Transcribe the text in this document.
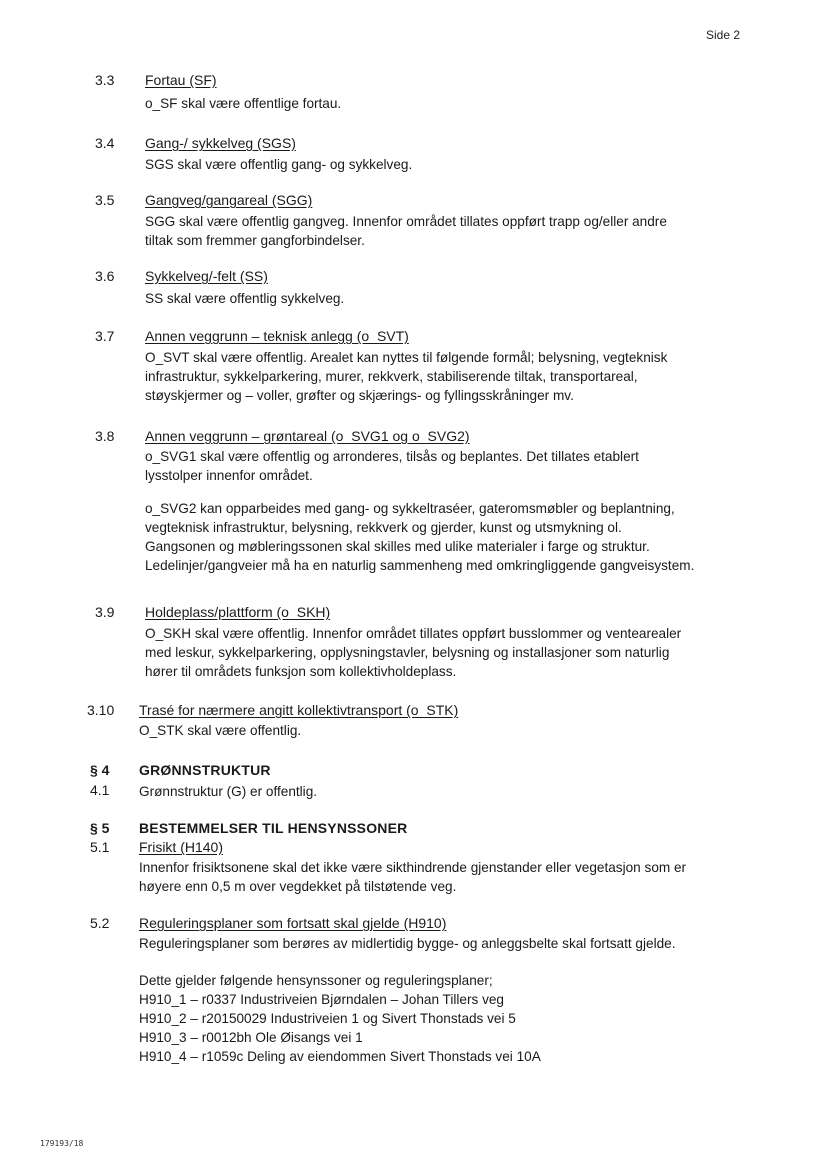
Side 2
3.3 Fortau (SF)

o_SF skal være offentlige fortau.

3.4 Gang-/ sykkelveg (SGS)

SGS skal være offentlig gang- og sykkelveg.

3.5 Gangveg/gangareal (SGG)

SGG skal være offentlig gangveg. Innenfor området tillates oppført trapp og/eller andre

tiltak som fremmer gangforbindelser.

3.6 Sykkelveg/-felt (SS)

SS skal være offentlig sykkelveg.

3.7 Annen veggrunn – teknisk anlegg (o_SVT)

O_SVT skal være offentlig. Arealet kan nyttes til følgende formål; belysning, vegteknisk

infrastruktur, sykkelparkering, murer, rekkverk, stabiliserende tiltak, transportareal,

støyskjermer og – voller, grøfter og skjærings- og fyllingsskråninger mv.

3.8 Annen veggrunn – grøntareal (o_SVG1 og o_SVG2)

o_SVG1 skal være offentlig og arronderes, tilsås og beplantes. Det tillates etablert

lysstolper innenfor området.

o_SVG2 kan opparbeides med gang- og sykkeltraséer, gateromsmøbler og beplantning,

vegteknisk infrastruktur, belysning, rekkverk og gjerder, kunst og utsmykning ol.

Gangsonen og møbleringssonen skal skilles med ulike materialer i farge og struktur.

Ledelinjer/gangveier må ha en naturlig sammenheng med omkringliggende gangveisystem.

3.9 Holdeplass/plattform (o_SKH)

O_SKH skal være offentlig. Innenfor området tillates oppført busslommer og ventearealer

med leskur, sykkelparkering, opplysningstavler, belysning og installasjoner som naturlig

hører til områdets funksjon som kollektivholdeplass.

3.10 Trasé for nærmere angitt kollektivtransport (o_STK)

O_STK skal være offentlig.

§ 4 GRØNNSTRUKTUR
4.1 Grønnstruktur (G) er offentlig.

§ 5 BESTEMMELSER TIL HENSYNSSONER
5.1 Frisikt (H140)

Innenfor frisiktsonene skal det ikke være sikthindrende gjenstander eller vegetasjon som er

høyere enn 0,5 m over vegdekket på tilstøtende veg.

5.2 Reguleringsplaner som fortsatt skal gjelde (H910)

Reguleringsplaner som berøres av midlertidig bygge- og anleggsbelte skal fortsatt gjelde.

Dette gjelder følgende hensynssoner og reguleringsplaner;

H910_1 – r0337 Industriveien Bjørndalen – Johan Tillers veg

H910_2 – r20150029 Industriveien 1 og Sivert Thonstads vei 5

H910_3 – r0012bh Ole Øisangs vei 1

H910_4 – r1059c Deling av eiendommen Sivert Thonstads vei 10A

179193/18
